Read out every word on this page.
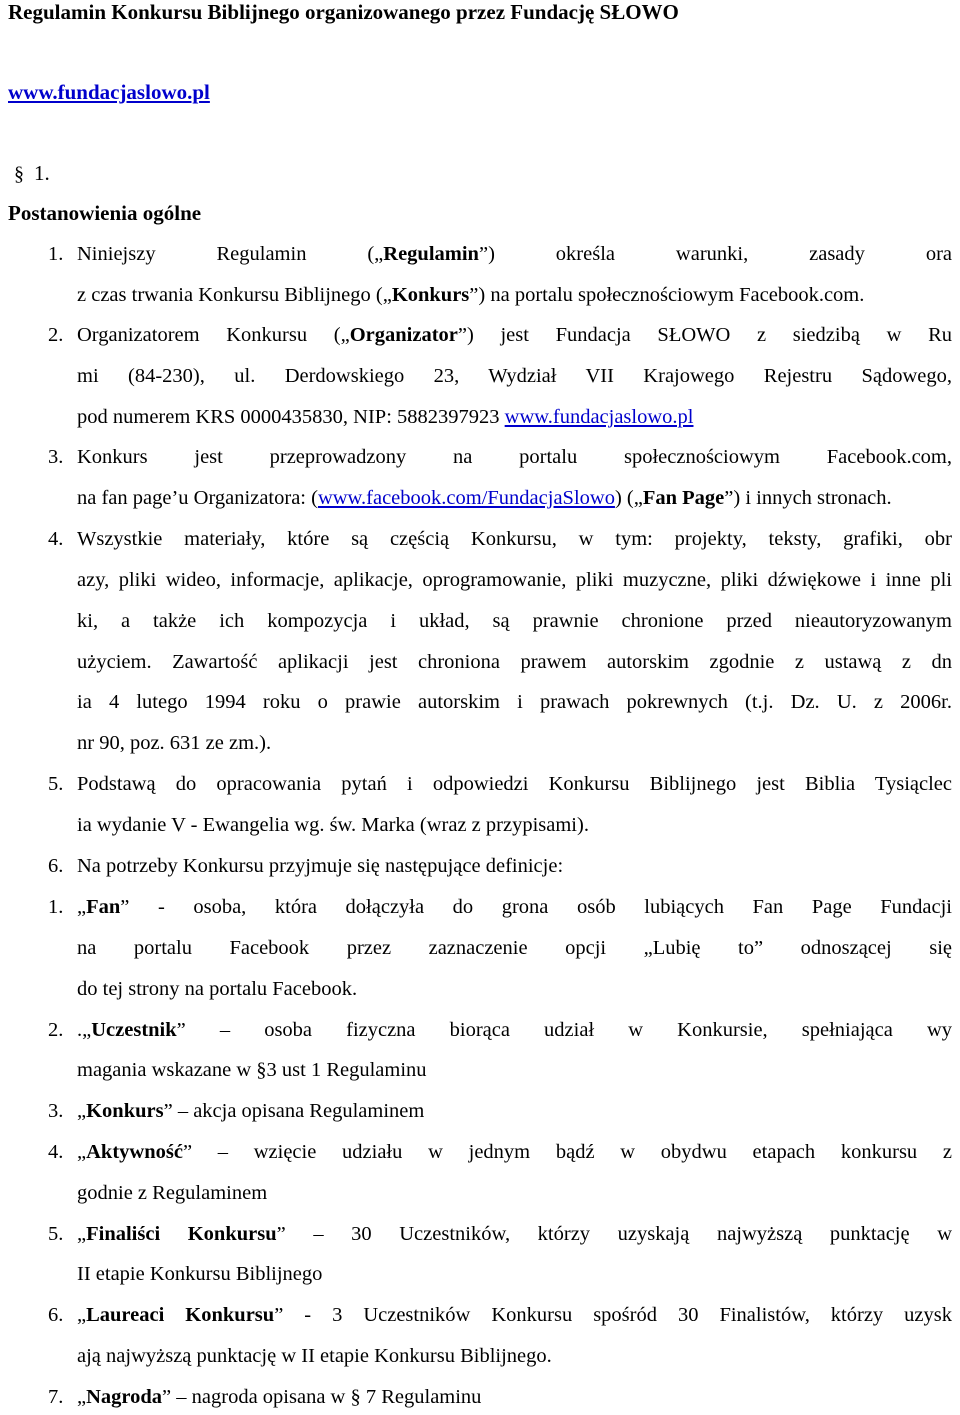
Regulamin Konkursu Biblijnego organizowanego przez Fundację SŁOWO
www.fundacjaslowo.pl
§ 1.
Postanowienia ogólne
1. Niniejszy Regulamin („Regulamin”) określa warunki, zasady ora
z czas trwania Konkursu Biblijnego („Konkurs”) na portalu społecznościowym Facebook.com.
2. Organizatorem Konkursu („Organizator”) jest Fundacja SŁOWO z siedzibą w Ru
mi (84-230), ul. Derdowskiego 23, Wydział VII Krajowego Rejestru Sądowego,
pod numerem KRS 0000435830, NIP: 5882397923 www.fundacjaslowo.pl
3. Konkurs jest przeprowadzony na portalu społecznościowym Facebook.com,
na fan page’u Organizatora: (www.facebook.com/FundacjaSlowo) („Fan Page”) i innych stronach.
4. Wszystkie materiały, które są częścią Konkursu, w tym: projekty, teksty, grafiki, obr
azy, pliki wideo, informacje, aplikacje, oprogramowanie, pliki muzyczne, pliki dźwiękowe i inne pli
ki, a także ich kompozycja i układ, są prawnie chronione przed nieautoryzowanym
użyciem. Zawartość aplikacji jest chroniona prawem autorskim zgodnie z ustawą z dn
ia 4 lutego 1994 roku o prawie autorskim i prawach pokrewnych (t.j. Dz. U. z 2006r.
nr 90, poz. 631 ze zm.).
5. Podstawą do opracowania pytań i odpowiedzi Konkursu Biblijnego jest Biblia Tysiąclec
ia wydanie V - Ewangelia wg. św. Marka (wraz z przypisami).
6. Na potrzeby Konkursu przyjmuje się następujące definicje:
1. „Fan” - osoba, która dołączyła do grona osób lubiących Fan Page Fundacji
na portalu Facebook przez zaznaczenie opcji „Lubię to” odnoszącej się
do tej strony na portalu Facebook.
2. .„Uczestnik” – osoba fizyczna biorąca udział w Konkursie, spełniająca wy
magania wskazane w §3 ust 1 Regulaminu
3. „Konkurs” – akcja opisana Regulaminem
4. „Aktywność” – wzięcie udziału w jednym bądź w obydwu etapach konkursu z
godnie z Regulaminem
5. „Finaliści Konkursu” – 30 Uczestników, którzy uzyskają najwyższą punktację w
II etapie Konkursu Biblijnego
6. „Laureaci Konkursu” - 3 Uczestników Konkursu spośród 30 Finalistów, którzy uzysk
ają najwyższą punktację w II etapie Konkursu Biblijnego.
7. „Nagroda” – nagroda opisana w § 7 Regulaminu
